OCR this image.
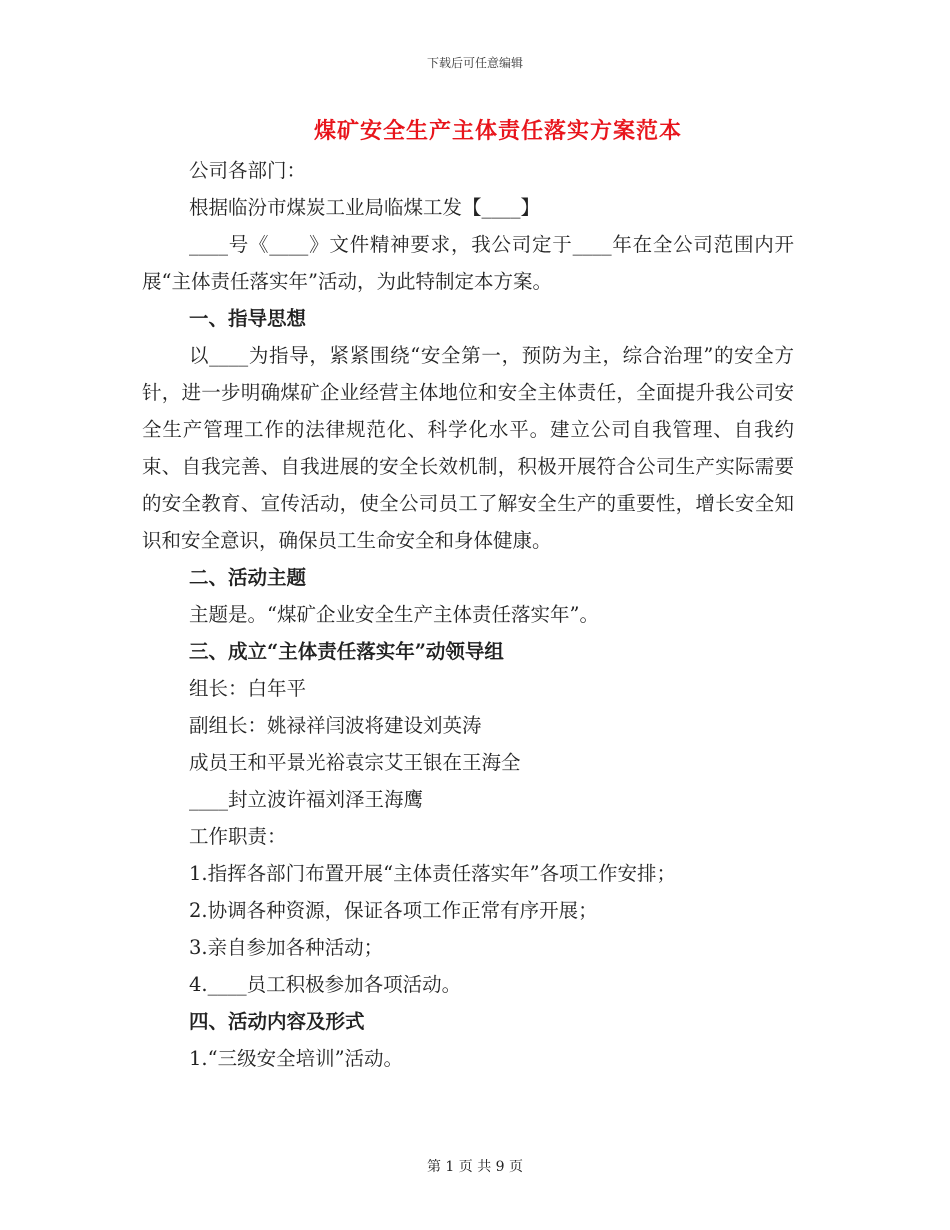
下载后可任意编辑
煤矿安全生产主体责任落实方案范本

公司各部门：

根据临汾市煤炭工业局临煤工发【____】

____号《____》文件精神要求，我公司定于____年在全公司范围内开展“主体责任落实年”活动，为此特制定本方案。

一、指导思想

以____为指导，紧紧围绕“安全第一，预防为主，综合治理”的安全方针，进一步明确煤矿企业经营主体地位和安全主体责任，全面提升我公司安全生产管理工作的法律规范化、科学化水平。建立公司自我管理、自我约束、自我完善、自我进展的安全长效机制，积极开展符合公司生产实际需要的安全教育、宣传活动，使全公司员工了解安全生产的重要性，增长安全知识和安全意识，确保员工生命安全和身体健康。

二、活动主题

主题是。“煤矿企业安全生产主体责任落实年”。

三、成立“主体责任落实年”动领导组

组长：白年平

副组长：姚禄祥闫波将建设刘英涛

成员王和平景光裕袁宗艾王银在王海全

____封立波许福刘泽王海鹰

工作职责：

1.指挥各部门布置开展“主体责任落实年”各项工作安排；

2.协调各种资源，保证各项工作正常有序开展；

3.亲自参加各种活动；

4.____员工积极参加各项活动。

四、活动内容及形式

1.“三级安全培训”活动。

第 1 页 共 9 页
